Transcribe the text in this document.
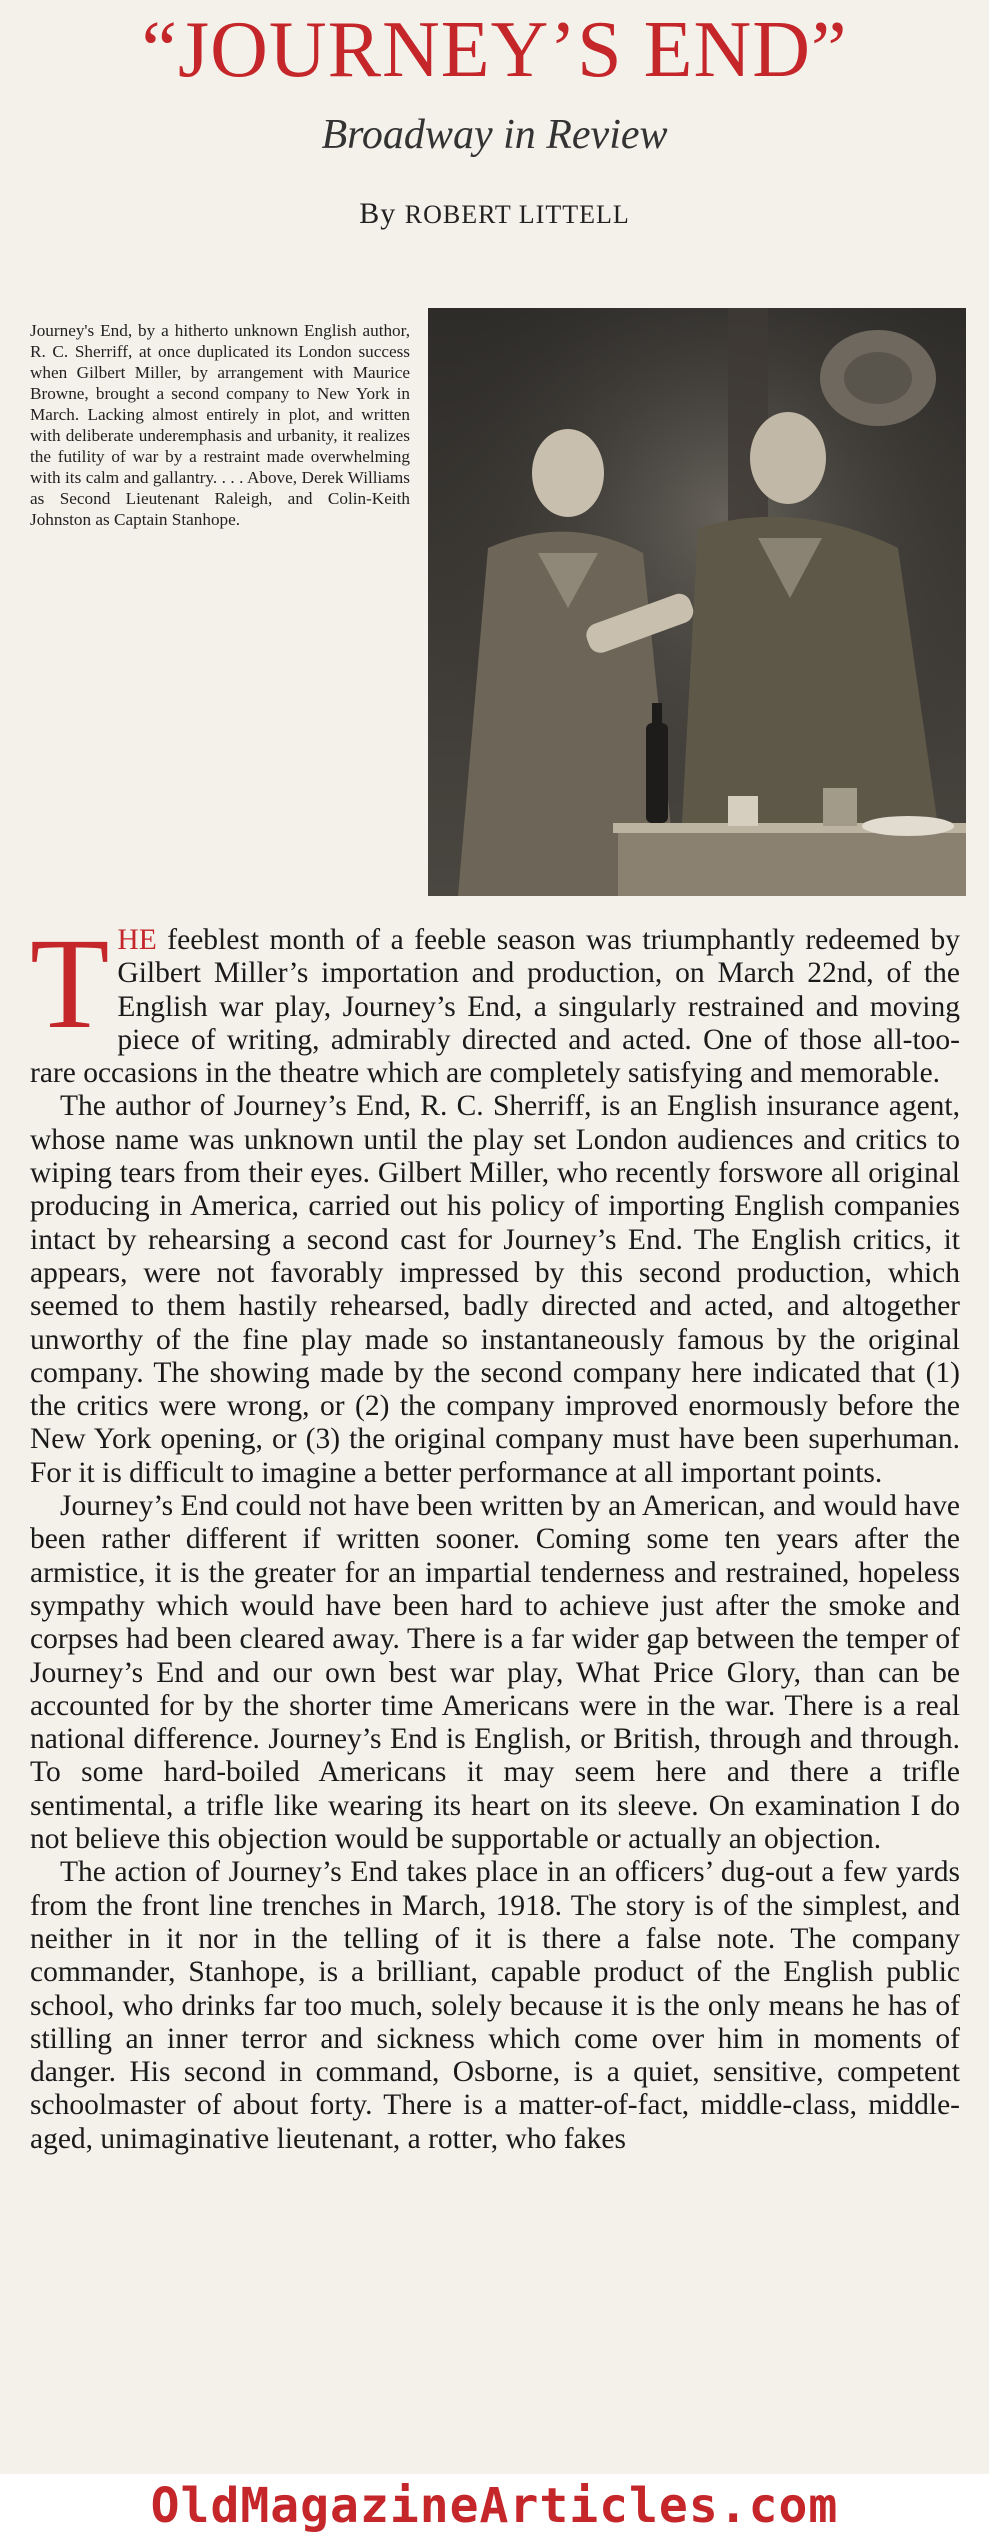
“JOURNEY’S END”
Broadway in Review
By ROBERT LITTELL

Journey's End, by a hitherto unknown English author, R. C. Sherriff, at once duplicated its London success when Gilbert Miller, by arrangement with Maurice Browne, brought a second company to New York in March. Lacking almost entirely in plot, and written with deliberate underemphasis and urbanity, it realizes the futility of war by a restraint made overwhelming with its calm and gallantry. . . . Above, Derek Williams as Second Lieutenant Raleigh, and Colin-Keith Johnston as Captain Stanhope.

THE feeblest month of a feeble season was triumphantly redeemed by Gilbert Miller’s importation and production, on March 22nd, of the English war play, Journey’s End, a singularly restrained and moving piece of writing, admirably directed and acted. One of those all-too-rare occasions in the theatre which are completely satisfying and memorable.

The author of Journey’s End, R. C. Sherriff, is an English insurance agent, whose name was unknown until the play set London audiences and critics to wiping tears from their eyes. Gilbert Miller, who recently forswore all original producing in America, carried out his policy of importing English companies intact by rehearsing a second cast for Journey’s End. The English critics, it appears, were not favorably impressed by this second production, which seemed to them hastily rehearsed, badly directed and acted, and altogether unworthy of the fine play made so instantaneously famous by the original company. The showing made by the second company here indicated that (1) the critics were wrong, or (2) the company improved enormously before the New York opening, or (3) the original company must have been superhuman. For it is difficult to imagine a better performance at all important points.

Journey’s End could not have been written by an American, and would have been rather different if written sooner. Coming some ten years after the armistice, it is the greater for an impartial tenderness and restrained, hopeless sympathy which would have been hard to achieve just after the smoke and corpses had been cleared away. There is a far wider gap between the temper of Journey’s End and our own best war play, What Price Glory, than can be accounted for by the shorter time Americans were in the war. There is a real national difference. Journey’s End is English, or British, through and through. To some hard-boiled Americans it may seem here and there a trifle sentimental, a trifle like wearing its heart on its sleeve. On examination I do not believe this objection would be supportable or actually an objection.

The action of Journey’s End takes place in an officers’ dug-out a few yards from the front line trenches in March, 1918. The story is of the simplest, and neither in it nor in the telling of it is there a false note. The company commander, Stanhope, is a brilliant, capable product of the English public school, who drinks far too much, solely because it is the only means he has of stilling an inner terror and sickness which come over him in moments of danger. His second in command, Osborne, is a quiet, sensitive, competent schoolmaster of about forty. There is a matter-of-fact, middle-class, middle-aged, unimaginative lieutenant, a rotter, who fakes

OldMagazineArticles.com
